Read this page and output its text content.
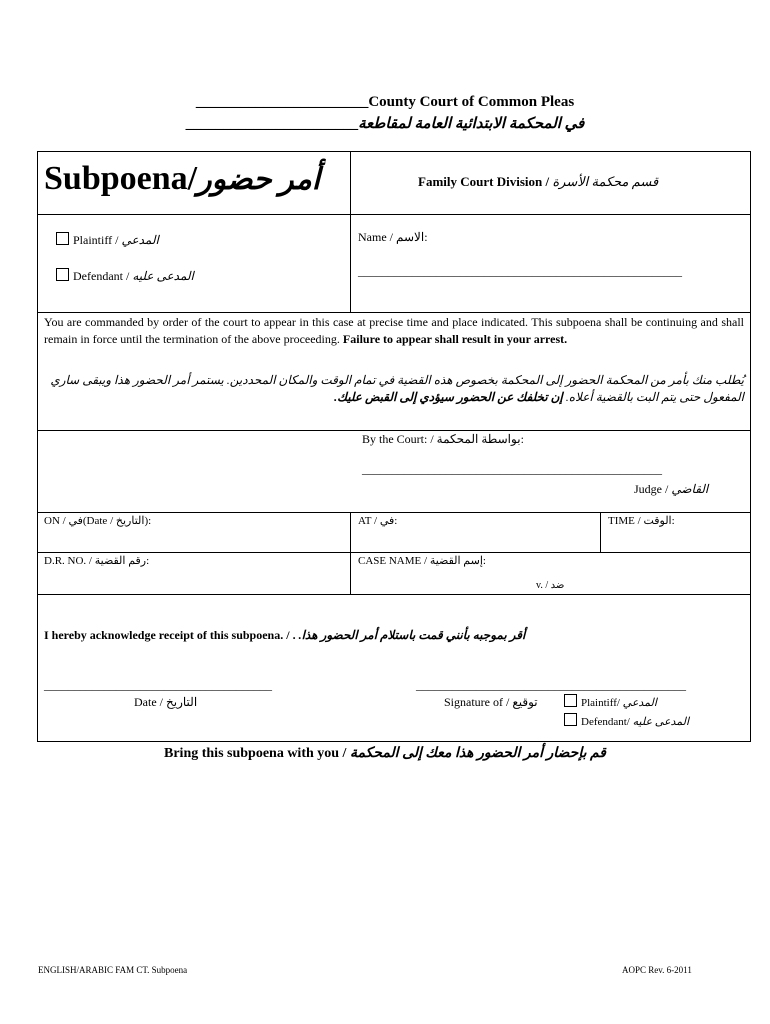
_______________________County Court of Common Pleas
_______________________في المحكمة الابتدائية العامة لمقاطعة
Subpoena/أمر حضور	Family Court Division / قسم محكمة الأسرة
Plaintiff / المدعي
Defendant / المدعى عليه
Name / الاسم:
______________________________________________________
You are commanded by order of the court to appear in this case at precise time and place indicated. This subpoena shall be continuing and shall remain in force until the termination of the above proceeding. Failure to appear shall result in your arrest.
يُطلب منك بأمر من المحكمة الحضور إلى المحكمة بخصوص هذه القضية في تمام الوقت والمكان المحددين. يستمر أمر الحضور هذا ويبقى ساري المفعول حتى يتم البت بالقضية أعلاه. إن تخلفك عن الحضور سيؤدي إلى القبض عليك.
By the Court: / بواسطة المحكمة:
__________________________________________________
Judge / القاضي
ON / في(Date / التاريخ):	AT / في:	TIME / الوقت:
D.R. NO. / رقم القضية:	CASE NAME / إسم القضية:
v. / ضد
I hereby acknowledge receipt of this subpoena. / . أقر بموجبه بأنني قمت باستلام أمر الحضور هذا.
______________________________________
Date / التاريخ
_____________________________________________
Signature of / توقيع	Plaintiff/ المدعي
Defendant/ المدعى عليه
Bring this subpoena with you / قم بإحضار أمر الحضور هذا معك إلى المحكمة
ENGLISH/ARABIC FAM CT. Subpoena	AOPC Rev. 6-2011
